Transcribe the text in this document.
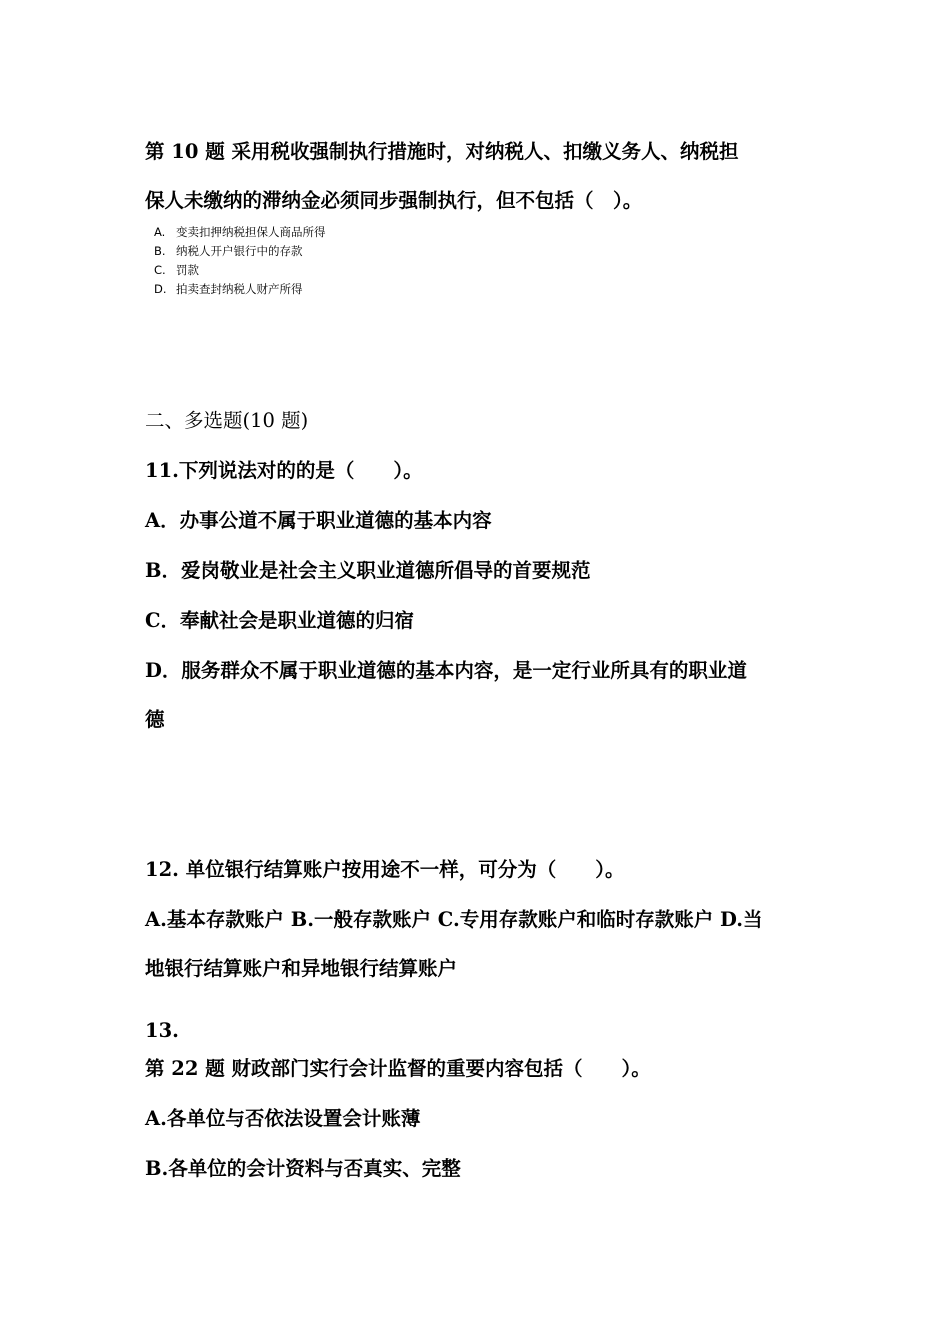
第 10 题 采用税收强制执行措施时，对纳税人、扣缴义务人、纳税担
保人未缴纳的滞纳金必须同步强制执行，但不包括（　）。
A. 变卖扣押纳税担保人商品所得
B. 纳税人开户银行中的存款
C. 罚款
D. 拍卖查封纳税人财产所得
二、多选题(10 题)
11.下列说法对的的是（　　）。
A．办事公道不属于职业道德的基本内容
B．爱岗敬业是社会主义职业道德所倡导的首要规范
C．奉献社会是职业道德的归宿
D．服务群众不属于职业道德的基本内容，是一定行业所具有的职业道
德
12. 单位银行结算账户按用途不一样，可分为（　　）。
A.基本存款账户 B.一般存款账户 C.专用存款账户和临时存款账户 D.当
地银行结算账户和异地银行结算账户
13.
第 22 题 财政部门实行会计监督的重要内容包括（　　）。
A.各单位与否依法设置会计账薄
B.各单位的会计资料与否真实、完整
